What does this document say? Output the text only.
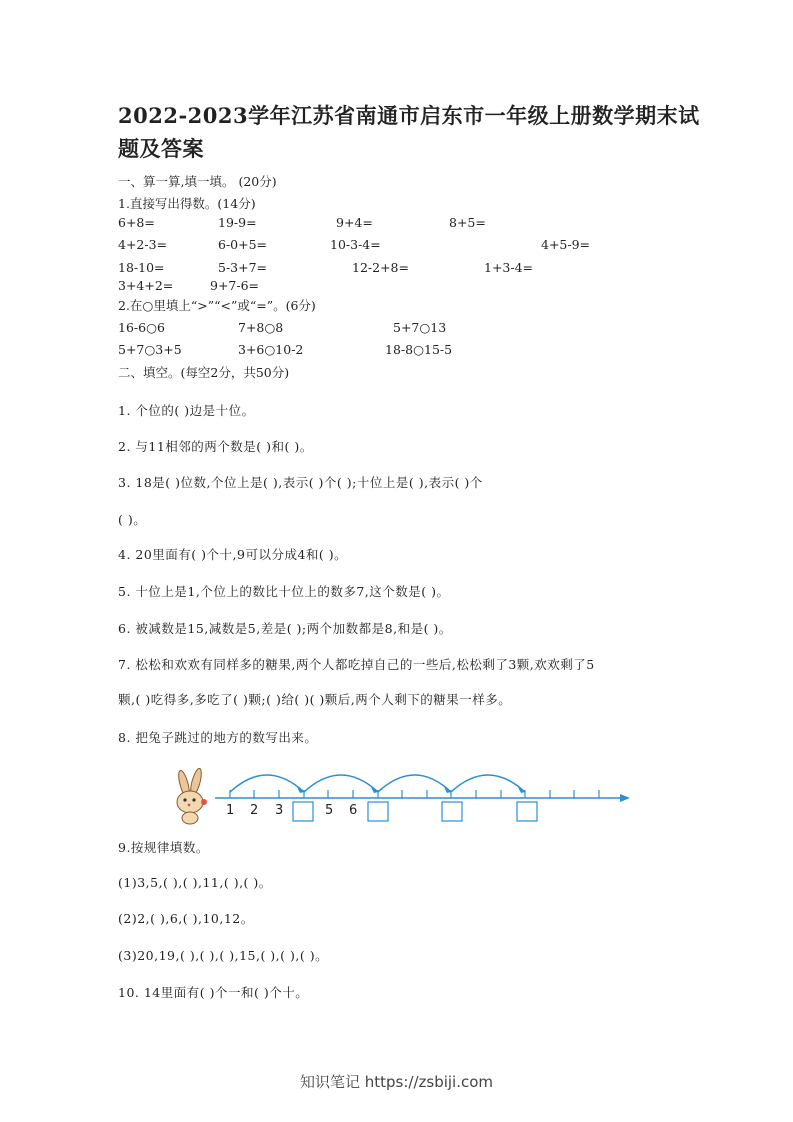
2022-2023学年江苏省南通市启东市一年级上册数学期末试
题及答案
一、算一算,填一填。 (20分)
1.直接写出得数。(14分)
6+8=	19-9=	9+4=	8+5=
4+2-3=	6-0+5=	10-3-4=	4+5-9=
18-10=	5-3+7=	12-2+8=	1+3-4=
3+4+2=	9+7-6=
2.在○里填上“>”“<”或“=”。(6分)
16-6○6	7+8○8	5+7○13
5+7○3+5	3+6○10-2	18-8○15-5
二、填空。(每空2分，共50分)
1. 个位的( )边是十位。
2. 与11相邻的两个数是( )和( )。
3. 18是( )位数,个位上是( ),表示( )个( );十位上是( ),表示( )个
( )。
4. 20里面有( )个十,9可以分成4和( )。
5. 十位上是1,个位上的数比十位上的数多7,这个数是( )。
6. 被减数是15,减数是5,差是( );两个加数都是8,和是( )。
7. 松松和欢欢有同样多的糖果,两个人都吃掉自己的一些后,松松剩了3颗,欢欢剩了5
颗,( )吃得多,多吃了( )颗;( )给( )( )颗后,两个人剩下的糖果一样多。
8. 把兔子跳过的地方的数写出来。
1 2 3	5 6
9.按规律填数。
(1)3,5,( ),( ),11,( ),( )。
(2)2,( ),6,( ),10,12。
(3)20,19,( ),( ),( ),15,( ),( ),( )。
10. 14里面有( )个一和( )个十。
知识笔记 https://zsbiji.com
